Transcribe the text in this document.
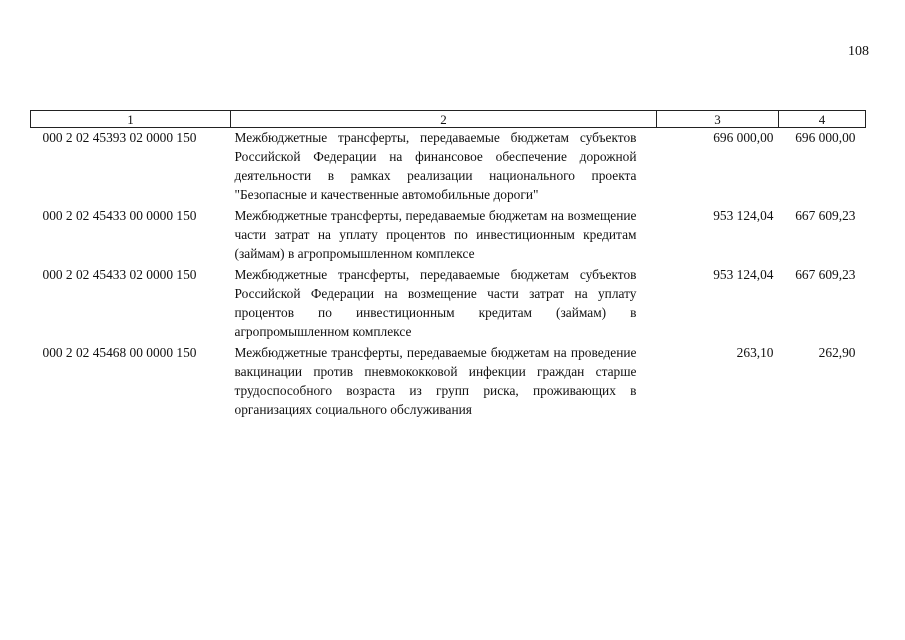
108
1	2	3	4
000 2 02 45393 02 0000 150	Межбюджетные трансферты, передаваемые бюджетам субъектов Российской Федерации на финансовое обеспечение дорожной деятельности в рамках реализации национального проекта "Безопасные и качественные автомобильные дороги"	696 000,00	696 000,00
000 2 02 45433 00 0000 150	Межбюджетные трансферты, передаваемые бюджетам на возмещение части затрат на уплату процентов по инвестиционным кредитам (займам) в агропромышленном комплексе	953 124,04	667 609,23
000 2 02 45433 02 0000 150	Межбюджетные трансферты, передаваемые бюджетам субъектов Российской Федерации на возмещение части затрат на уплату процентов по инвестиционным кредитам (займам) в агропромышленном комплексе	953 124,04	667 609,23
000 2 02 45468 00 0000 150	Межбюджетные трансферты, передаваемые бюджетам на проведение вакцинации против пневмококковой инфекции граждан старше трудоспособного возраста из групп риска, проживающих в организациях социального обслуживания	263,10	262,90
